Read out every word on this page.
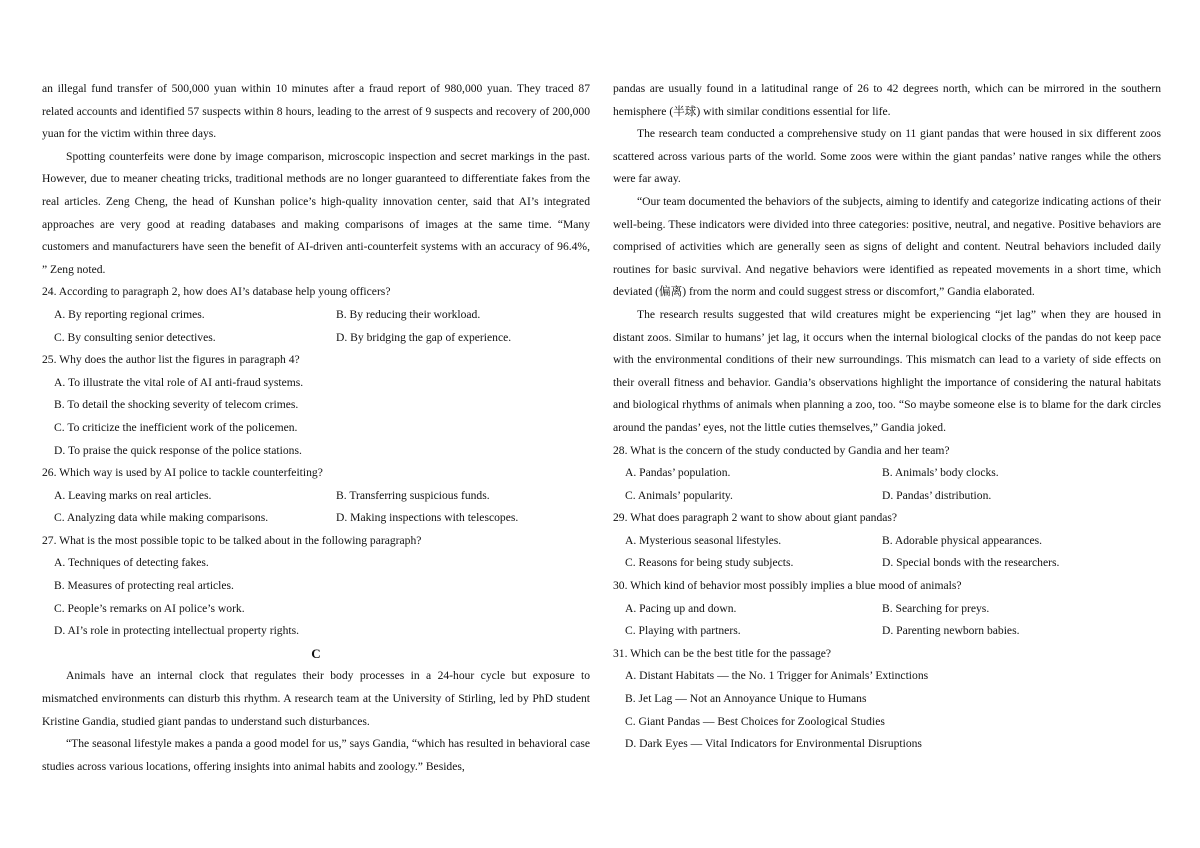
an illegal fund transfer of 500,000 yuan within 10 minutes after a fraud report of 980,000 yuan. They traced 87 related accounts and identified 57 suspects within 8 hours, leading to the arrest of 9 suspects and recovery of 200,000 yuan for the victim within three days.

Spotting counterfeits were done by image comparison, microscopic inspection and secret markings in the past. However, due to meaner cheating tricks, traditional methods are no longer guaranteed to differentiate fakes from the real articles. Zeng Cheng, the head of Kunshan police’s high-quality innovation center, said that AI’s integrated approaches are very good at reading databases and making comparisons of images at the same time. “Many customers and manufacturers have seen the benefit of AI-driven anti-counterfeit systems with an accuracy of 96.4%, ” Zeng noted.

24. According to paragraph 2, how does AI’s database help young officers?

A. By reporting regional crimes.	B. By reducing their workload.
C. By consulting senior detectives.	D. By bridging the gap of experience.

25. Why does the author list the figures in paragraph 4?

A. To illustrate the vital role of AI anti-fraud systems.
B. To detail the shocking severity of telecom crimes.
C. To criticize the inefficient work of the policemen.
D. To praise the quick response of the police stations.

26. Which way is used by AI police to tackle counterfeiting?

A. Leaving marks on real articles.	B. Transferring suspicious funds.
C. Analyzing data while making comparisons.	D. Making inspections with telescopes.

27. What is the most possible topic to be talked about in the following paragraph?

A. Techniques of detecting fakes.
B. Measures of protecting real articles.
C. People’s remarks on AI police’s work.
D. AI’s role in protecting intellectual property rights.

C

Animals have an internal clock that regulates their body processes in a 24-hour cycle but exposure to mismatched environments can disturb this rhythm. A research team at the University of Stirling, led by PhD student Kristine Gandia, studied giant pandas to understand such disturbances.

“The seasonal lifestyle makes a panda a good model for us,” says Gandia, “which has resulted in behavioral case studies across various locations, offering insights into animal habits and zoology.” Besides,

pandas are usually found in a latitudinal range of 26 to 42 degrees north, which can be mirrored in the southern hemisphere (半球) with similar conditions essential for life.

The research team conducted a comprehensive study on 11 giant pandas that were housed in six different zoos scattered across various parts of the world. Some zoos were within the giant pandas’ native ranges while the others were far away.

“Our team documented the behaviors of the subjects, aiming to identify and categorize indicating actions of their well-being. These indicators were divided into three categories: positive, neutral, and negative. Positive behaviors are comprised of activities which are generally seen as signs of delight and content. Neutral behaviors included daily routines for basic survival. And negative behaviors were identified as repeated movements in a short time, which deviated (偏离) from the norm and could suggest stress or discomfort,” Gandia elaborated.

The research results suggested that wild creatures might be experiencing “jet lag” when they are housed in distant zoos. Similar to humans’ jet lag, it occurs when the internal biological clocks of the pandas do not keep pace with the environmental conditions of their new surroundings. This mismatch can lead to a variety of side effects on their overall fitness and behavior. Gandia’s observations highlight the importance of considering the natural habitats and biological rhythms of animals when planning a zoo, too. “So maybe someone else is to blame for the dark circles around the pandas’ eyes, not the little cuties themselves,” Gandia joked.

28. What is the concern of the study conducted by Gandia and her team?

A. Pandas’ population.	B. Animals’ body clocks.
C. Animals’ popularity.	D. Pandas’ distribution.

29. What does paragraph 2 want to show about giant pandas?

A. Mysterious seasonal lifestyles.	B. Adorable physical appearances.
C. Reasons for being study subjects.	D. Special bonds with the researchers.

30. Which kind of behavior most possibly implies a blue mood of animals?

A. Pacing up and down.	B. Searching for preys.
C. Playing with partners.	D. Parenting newborn babies.

31. Which can be the best title for the passage?

A. Distant Habitats — the No. 1 Trigger for Animals’ Extinctions
B. Jet Lag — Not an Annoyance Unique to Humans
C. Giant Pandas — Best Choices for Zoological Studies
D. Dark Eyes — Vital Indicators for Environmental Disruptions
